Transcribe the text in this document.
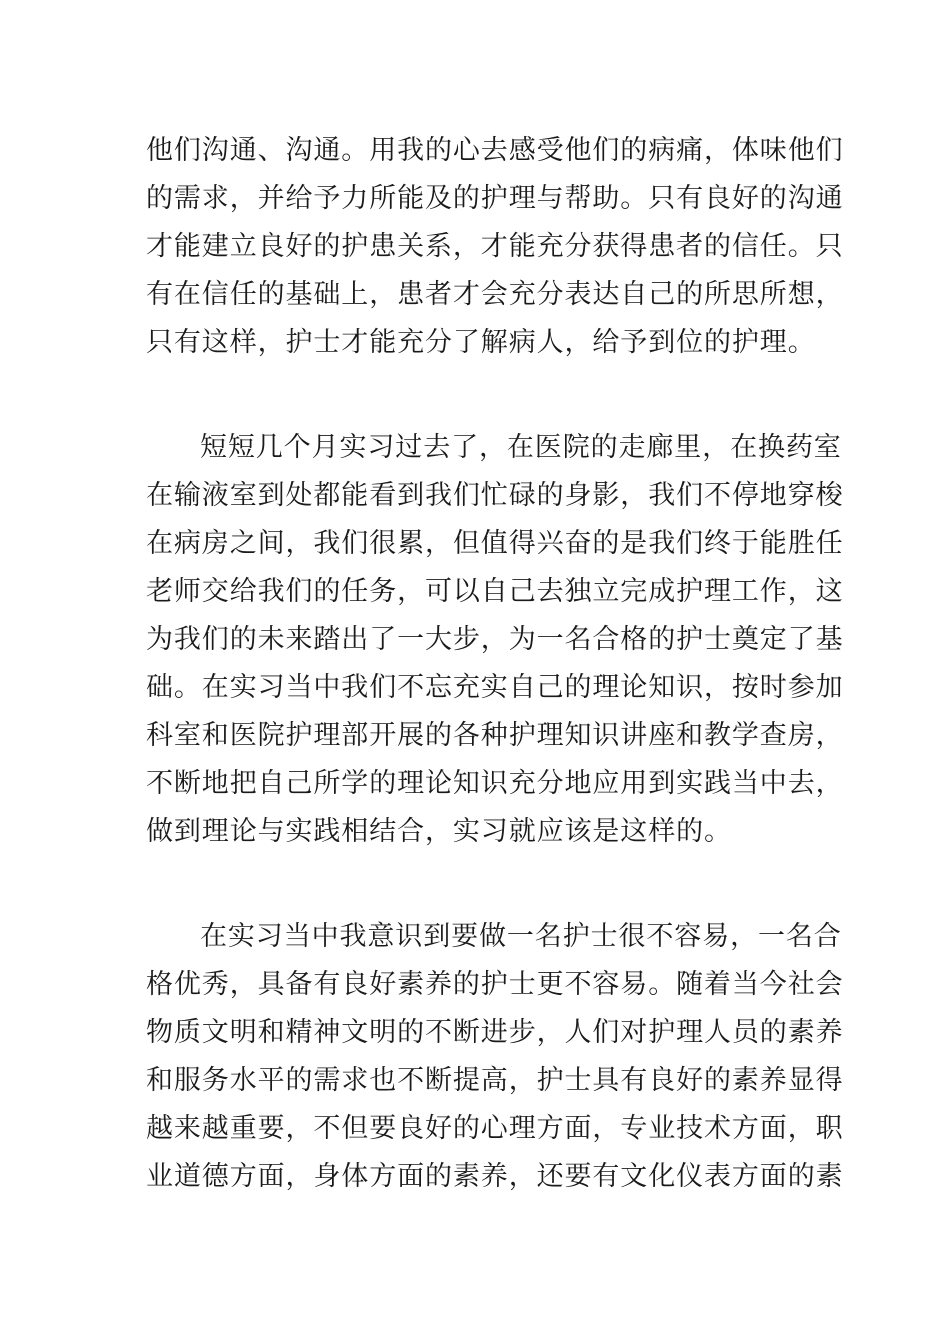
他们沟通、沟通。用我的心去感受他们的病痛，体味他们
的需求，并给予力所能及的护理与帮助。只有良好的沟通
才能建立良好的护患关系，才能充分获得患者的信任。只
有在信任的基础上，患者才会充分表达自己的所思所想，
只有这样，护士才能充分了解病人，给予到位的护理。
短短几个月实习过去了，在医院的走廊里，在换药室
在输液室到处都能看到我们忙碌的身影，我们不停地穿梭
在病房之间，我们很累，但值得兴奋的是我们终于能胜任
老师交给我们的任务，可以自己去独立完成护理工作，这
为我们的未来踏出了一大步，为一名合格的护士奠定了基
础。在实习当中我们不忘充实自己的理论知识，按时参加
科室和医院护理部开展的各种护理知识讲座和教学查房，
不断地把自己所学的理论知识充分地应用到实践当中去，
做到理论与实践相结合，实习就应该是这样的。
在实习当中我意识到要做一名护士很不容易，一名合
格优秀，具备有良好素养的护士更不容易。随着当今社会
物质文明和精神文明的不断进步，人们对护理人员的素养
和服务水平的需求也不断提高，护士具有良好的素养显得
越来越重要，不但要良好的心理方面，专业技术方面，职
业道德方面，身体方面的素养，还要有文化仪表方面的素
